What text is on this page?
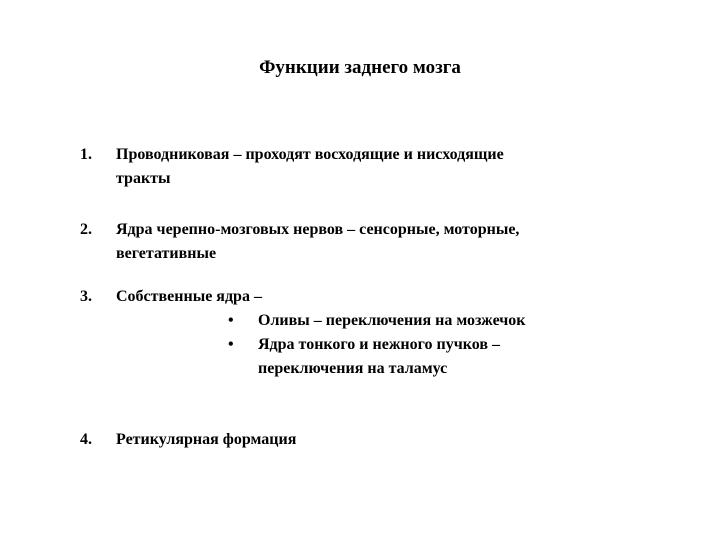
Функции заднего мозга
1. Проводниковая – проходят восходящие и нисходящие
тракты
2. Ядра черепно-мозговых нервов – сенсорные, моторные,
вегетативные
3. Собственные ядра –
• Оливы – переключения на мозжечок
• Ядра тонкого и нежного пучков –
переключения на таламус
4. Ретикулярная формация
